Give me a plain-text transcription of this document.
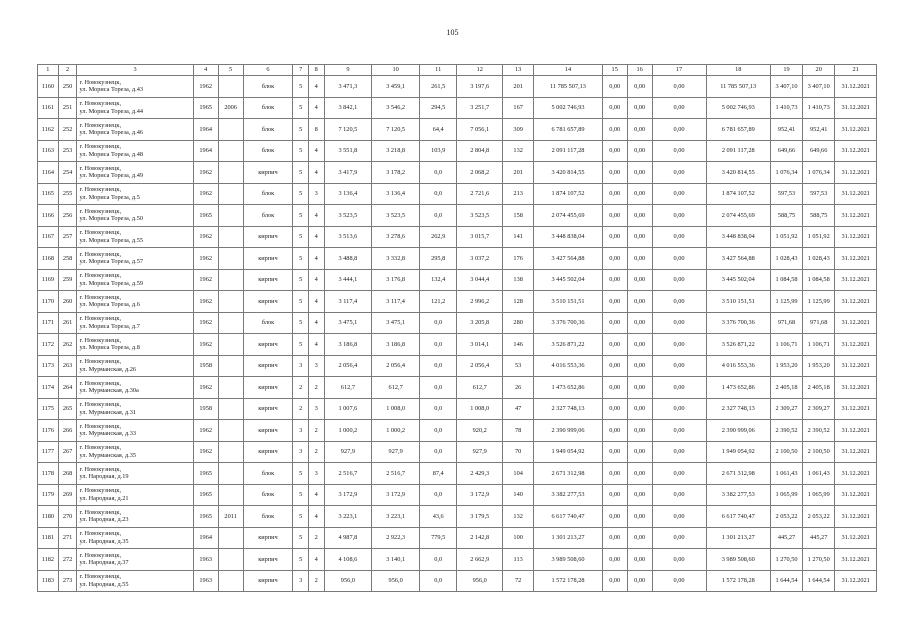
105
1	2	3	4	5	6	7	8	9	10	11	12	13	14	15	16	17	18	19	20	21
1160	250	г. Новокузнецк,
ул. Мориса Тореза, д.43	1962		блок	5	4	3 471,3	3 459,1	261,5	3 197,6	201	11 785 507,13	0,00	0,00	0,00	11 785 507,13	3 407,10	3 407,10	31.12.2021
1161	251	г. Новокузнецк,
ул. Мориса Тореза, д.44	1965	2006	блок	5	4	3 842,1	3 546,2	294,5	3 251,7	167	5 002 746,93	0,00	0,00	0,00	5 002 746,93	1 410,73	1 410,73	31.12.2021
1162	252	г. Новокузнецк,
ул. Мориса Тореза, д.46	1964		блок	5	8	7 120,5	7 120,5	64,4	7 056,1	309	6 781 657,89	0,00	0,00	0,00	6 781 657,89	952,41	952,41	31.12.2021
1163	253	г. Новокузнецк,
ул. Мориса Тореза, д.48	1964		блок	5	4	3 551,8	3 218,8	103,9	2 804,8	132	2 091 117,28	0,00	0,00	0,00	2 091 117,28	649,66	649,66	31.12.2021
1164	254	г. Новокузнецк,
ул. Мориса Тореза, д.49	1962		кирпич	5	4	3 417,9	3 178,2	0,0	2 068,2	201	3 420 814,55	0,00	0,00	0,00	3 420 814,55	1 076,34	1 076,34	31.12.2021
1165	255	г. Новокузнецк,
ул. Мориса Тореза, д.5	1962		блок	5	3	3 136,4	3 136,4	0,0	2 721,6	213	1 874 107,52	0,00	0,00	0,00	1 874 107,52	597,53	597,53	31.12.2021
1166	256	г. Новокузнецк,
ул. Мориса Тореза, д.50	1965		блок	5	4	3 523,5	3 523,5	0,0	3 523,5	158	2 074 455,69	0,00	0,00	0,00	2 074 455,69	588,75	588,75	31.12.2021
1167	257	г. Новокузнецк,
ул. Мориса Тореза, д.55	1962		кирпич	5	4	3 513,6	3 278,6	262,9	3 015,7	141	3 448 838,04	0,00	0,00	0,00	3 448 838,04	1 051,92	1 051,92	31.12.2021
1168	258	г. Новокузнецк,
ул. Мориса Тореза, д.57	1962		кирпич	5	4	3 488,8	3 332,8	295,8	3 037,2	176	3 427 564,88	0,00	0,00	0,00	3 427 564,88	1 028,43	1 028,43	31.12.2021
1169	259	г. Новокузнецк,
ул. Мориса Тореза, д.59	1962		кирпич	5	4	3 444,1	3 176,8	132,4	3 044,4	138	3 445 502,04	0,00	0,00	0,00	3 445 502,04	1 084,58	1 084,58	31.12.2021
1170	260	г. Новокузнецк,
ул. Мориса Тореза, д.6	1962		кирпич	5	4	3 117,4	3 117,4	121,2	2 996,2	128	3 510 151,51	0,00	0,00	0,00	3 510 151,51	1 125,99	1 125,99	31.12.2021
1171	261	г. Новокузнецк,
ул. Мориса Тореза, д.7	1962		блок	5	4	3 475,1	3 475,1	0,0	3 205,8	280	3 376 700,36	0,00	0,00	0,00	3 376 700,36	971,68	971,68	31.12.2021
1172	262	г. Новокузнецк,
ул. Мориса Тореза, д.8	1962		кирпич	5	4	3 186,8	3 186,8	0,0	3 014,1	146	3 526 871,22	0,00	0,00	0,00	3 526 871,22	1 106,71	1 106,71	31.12.2021
1173	263	г. Новокузнецк,
ул. Мурманская, д.26	1958		кирпич	3	3	2 056,4	2 056,4	0,0	2 056,4	53	4 016 553,36	0,00	0,00	0,00	4 016 553,36	1 953,20	1 953,20	31.12.2021
1174	264	г. Новокузнецк,
ул. Мурманская, д.30а	1962		кирпич	2	2	612,7	612,7	0,0	612,7	26	1 473 652,86	0,00	0,00	0,00	1 473 652,86	2 405,18	2 405,18	31.12.2021
1175	265	г. Новокузнецк,
ул. Мурманская, д.31	1958		кирпич	2	3	1 007,6	1 008,0	0,0	1 008,0	47	2 327 748,13	0,00	0,00	0,00	2 327 748,13	2 309,27	2 309,27	31.12.2021
1176	266	г. Новокузнецк,
ул. Мурманская, д.33	1962		кирпич	3	2	1 000,2	1 000,2	0,0	920,2	78	2 390 999,06	0,00	0,00	0,00	2 390 999,06	2 390,52	2 390,52	31.12.2021
1177	267	г. Новокузнецк,
ул. Мурманская, д.35	1962		кирпич	3	2	927,9	927,9	0,0	927,9	70	1 949 054,92	0,00	0,00	0,00	1 949 054,92	2 100,50	2 100,50	31.12.2021
1178	268	г. Новокузнецк,
ул. Народная, д.19	1965		блок	5	3	2 516,7	2 516,7	87,4	2 429,3	104	2 671 312,98	0,00	0,00	0,00	2 671 312,98	1 061,43	1 061,43	31.12.2021
1179	269	г. Новокузнецк,
ул. Народная, д.21	1965		блок	5	4	3 172,9	3 172,9	0,0	3 172,9	140	3 382 277,53	0,00	0,00	0,00	3 382 277,53	1 065,99	1 065,99	31.12.2021
1180	270	г. Новокузнецк,
ул. Народная, д.23	1965	2011	блок	5	4	3 223,1	3 223,1	43,6	3 179,5	132	6 617 740,47	0,00	0,00	0,00	6 617 740,47	2 053,22	2 053,22	31.12.2021
1181	271	г. Новокузнецк,
ул. Народная, д.35	1964		кирпич	5	2	4 987,8	2 922,3	779,5	2 142,8	100	1 301 213,27	0,00	0,00	0,00	1 301 213,27	445,27	445,27	31.12.2021
1182	272	г. Новокузнецк,
ул. Народная, д.37	1963		кирпич	5	4	4 108,6	3 140,1	0,0	2 662,9	113	3 989 508,60	0,00	0,00	0,00	3 989 508,60	1 270,50	1 270,50	31.12.2021
1183	273	г. Новокузнецк,
ул. Народная, д.55	1963		кирпич	3	2	956,0	956,0	0,0	956,0	72	1 572 178,28	0,00	0,00	0,00	1 572 178,28	1 644,54	1 644,54	31.12.2021
